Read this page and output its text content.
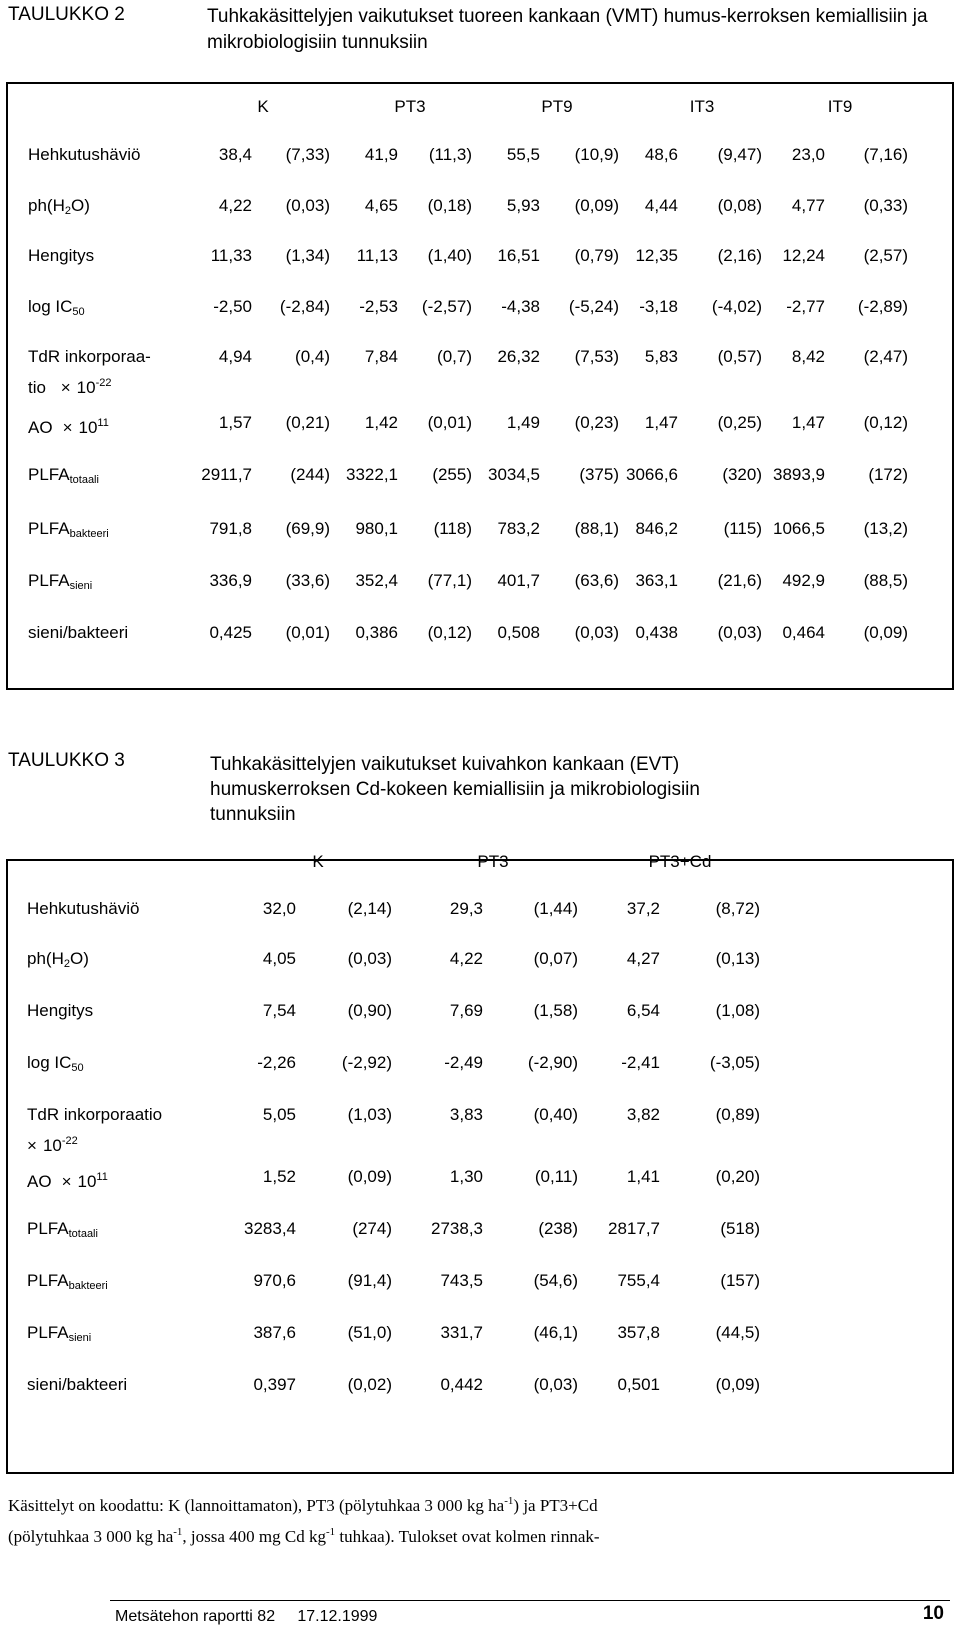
TAULUKKO 2	Tuhkakäsittelyjen vaikutukset tuoreen kankaan (VMT) humus-kerroksen kemiallisiin ja mikrobiologisiin tunnuksiin
K	PT3	PT9	IT3	IT9
Hehkutushäviö	38,4	(7,33)	41,9	(11,3)	55,5	(10,9)	48,6	(9,47)	23,0	(7,16)
$ph(H_2O)$	4,22	(0,03)	4,65	(0,18)	5,93	(0,09)	4,44	(0,08)	4,77	(0,33)
Hengitys	11,33	(1,34)	11,13	(1,40)	16,51	(0,79) 12,35	(2,16)	12,24	(2,57)
$\log IC_{50}$	-2,50	(-2,84)	-2,53	(-2,57)	-4,38	(-5,24)	-3,18	(-4,02)	-2,77	(-2,89)
TdR inkorporaa-
tio × $10^{-22}$
4,94	(0,4)	7,84	(0,7)	26,32	(7,53)	5,83	(0,57)	8,42	(2,47)
AO × $10^{11}$	1,57	(0,21)	1,42	(0,01)	1,49	(0,23)	1,47	(0,25)	1,47	(0,12)
$PLFA_{totaali}$	2911,7	(244) 3322,1	(255) 3034,5	(375) 3066,6	(320) 3893,9	(172)
$PLFA_{bakteeri}$	791,8	(69,9)	980,1	(118)	783,2	(88,1) 846,2	(115) 1066,5	(13,2)
$PLFA_{sieni}$	336,9	(33,6)	352,4	(77,1)	401,7	(63,6) 363,1	(21,6)	492,9	(88,5)
sieni/bakteeri	0,425	(0,01)	0,386	(0,12)	0,508	(0,03) 0,438	(0,03)	0,464	(0,09)
TAULUKKO 3	Tuhkakäsittelyjen vaikutukset kuivahkon kankaan (EVT) humuskerroksen Cd-kokeen kemiallisiin ja mikrobiologisiin tunnuksiin
K	PT3	PT3+Cd
Hehkutushäviö	32,0	(2,14)	29,3	(1,44)	37,2	(8,72)
$ph(H_2O)$	4,05	(0,03)	4,22	(0,07)	4,27	(0,13)
Hengitys	7,54	(0,90)	7,69	(1,58)	6,54	(1,08)
$\log IC_{50}$	-2,26	(-2,92)	-2,49	(-2,90)	-2,41	(-3,05)
TdR inkorporaatio
× $10^{-22}$
5,05	(1,03)	3,83	(0,40)	3,82	(0,89)
AO × $10^{11}$	1,52	(0,09)	1,30	(0,11)	1,41	(0,20)
$PLFA_{totaali}$	3283,4	(274)	2738,3	(238)	2817,7	(518)
$PLFA_{bakteeri}$	970,6	(91,4)	743,5	(54,6)	755,4	(157)
$PLFA_{sieni}$	387,6	(51,0)	331,7	(46,1)	357,8	(44,5)
sieni/bakteeri	0,397	(0,02)	0,442	(0,03)	0,501	(0,09)
Käsittelyt on koodattu: K (lannoittamaton), PT3 (pölytuhkaa 3 000 kg $ha^{-1}$) ja PT3+Cd
(pölytuhkaa 3 000 kg $ha^{-1}$, jossa 400 mg Cd $kg^{-1}$ tuhkaa). Tulokset ovat kolmen rinnak-
Metsätehon raportti 82 17.12.1999	10
